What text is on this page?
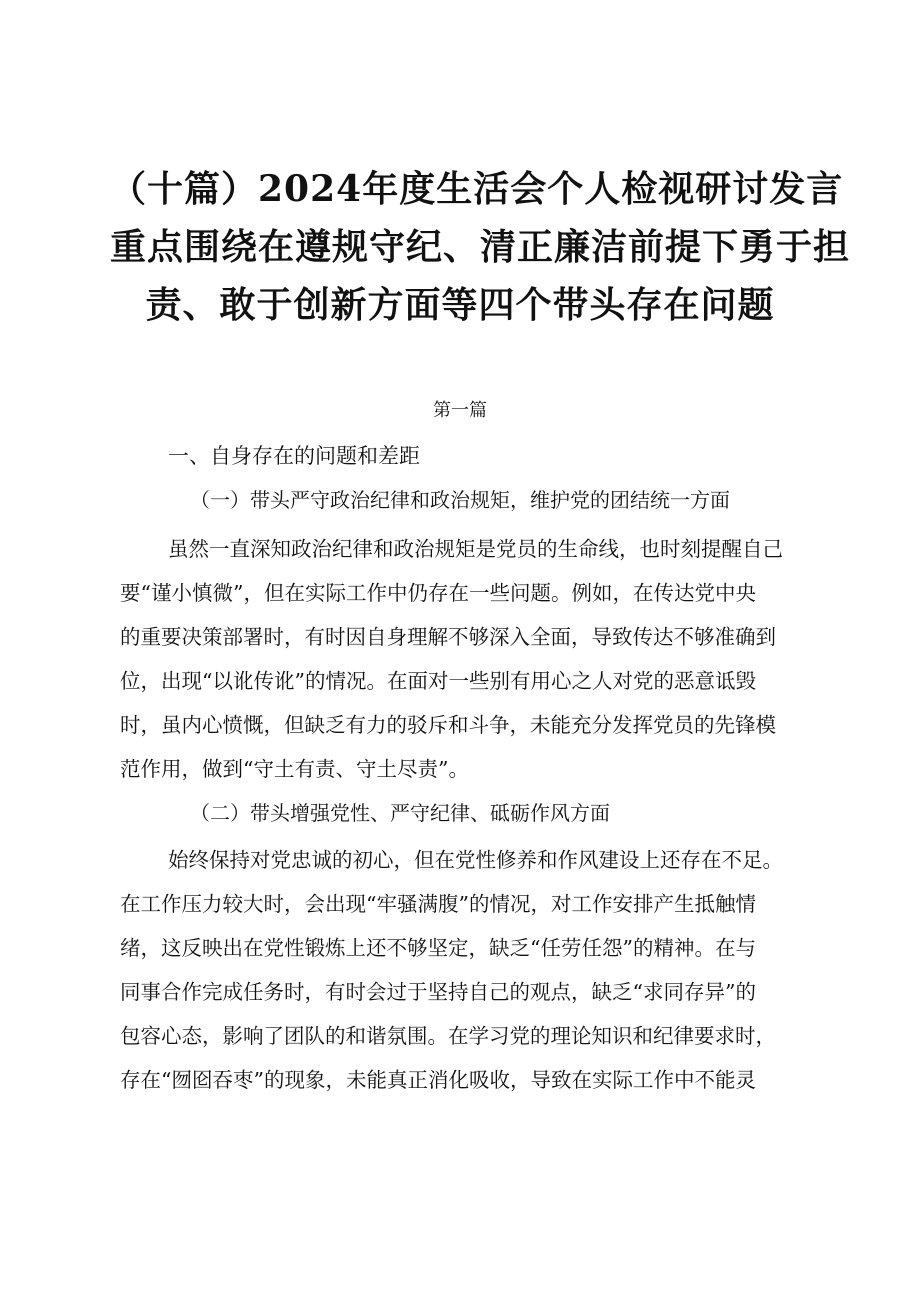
（十篇）2024年度生活会个人检视研讨发言
重点围绕在遵规守纪、清正廉洁前提下勇于担
责、敢于创新方面等四个带头存在问题
第一篇
一、自身存在的问题和差距
（一）带头严守政治纪律和政治规矩，维护党的团结统一方面
虽然一直深知政治纪律和政治规矩是党员的生命线，也时刻提醒自己
要“谨小慎微”，但在实际工作中仍存在一些问题。例如，在传达党中央
的重要决策部署时，有时因自身理解不够深入全面，导致传达不够准确到
位，出现“以讹传讹”的情况。在面对一些别有用心之人对党的恶意诋毁
时，虽内心愤慨，但缺乏有力的驳斥和斗争，未能充分发挥党员的先锋模
范作用，做到“守土有责、守土尽责”。
（二）带头增强党性、严守纪律、砥砺作风方面
始终保持对党忠诚的初心，但在党性修养和作风建设上还存在不足。
在工作压力较大时，会出现“牢骚满腹”的情况，对工作安排产生抵触情
绪，这反映出在党性锻炼上还不够坚定，缺乏“任劳任怨”的精神。在与
同事合作完成任务时，有时会过于坚持自己的观点，缺乏“求同存异”的
包容心态，影响了团队的和谐氛围。在学习党的理论知识和纪律要求时，
存在“囫囵吞枣”的现象，未能真正消化吸收，导致在实际工作中不能灵
